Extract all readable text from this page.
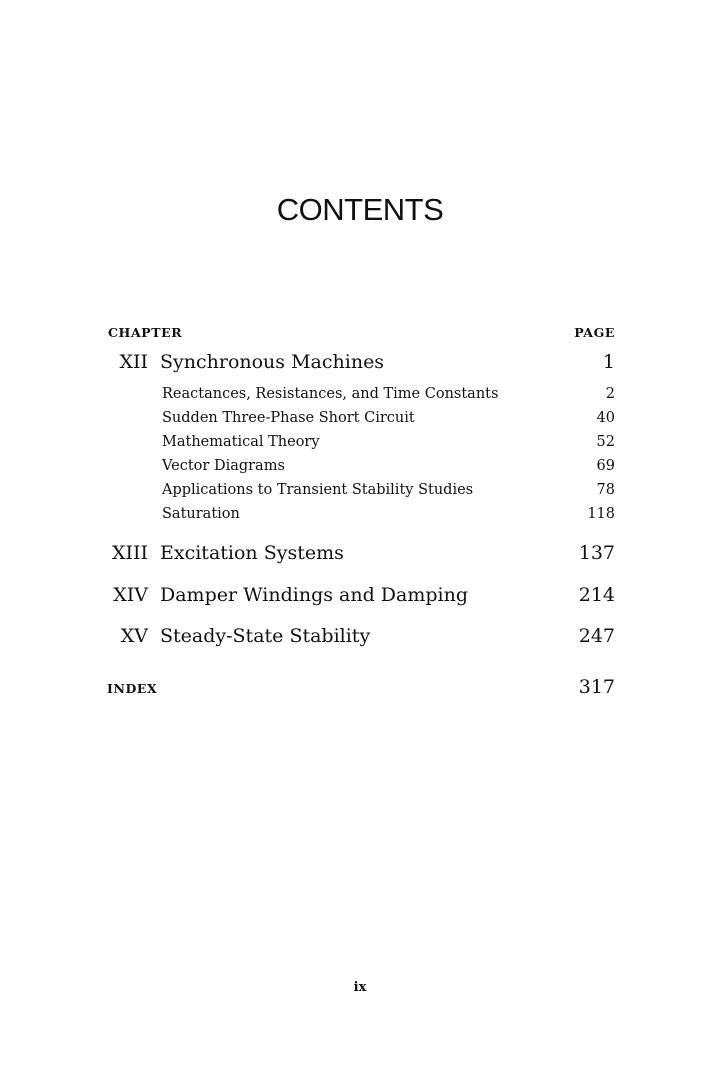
CONTENTS
CHAPTER	PAGE
XII Synchronous Machines	1
Reactances, Resistances, and Time Constants	2
Sudden Three-Phase Short Circuit	40
Mathematical Theory	52
Vector Diagrams	69
Applications to Transient Stability Studies	78
Saturation	118
XIII Excitation Systems	137
XIV Damper Windings and Damping	214
XV Steady-State Stability	247
INDEX	317
ix
